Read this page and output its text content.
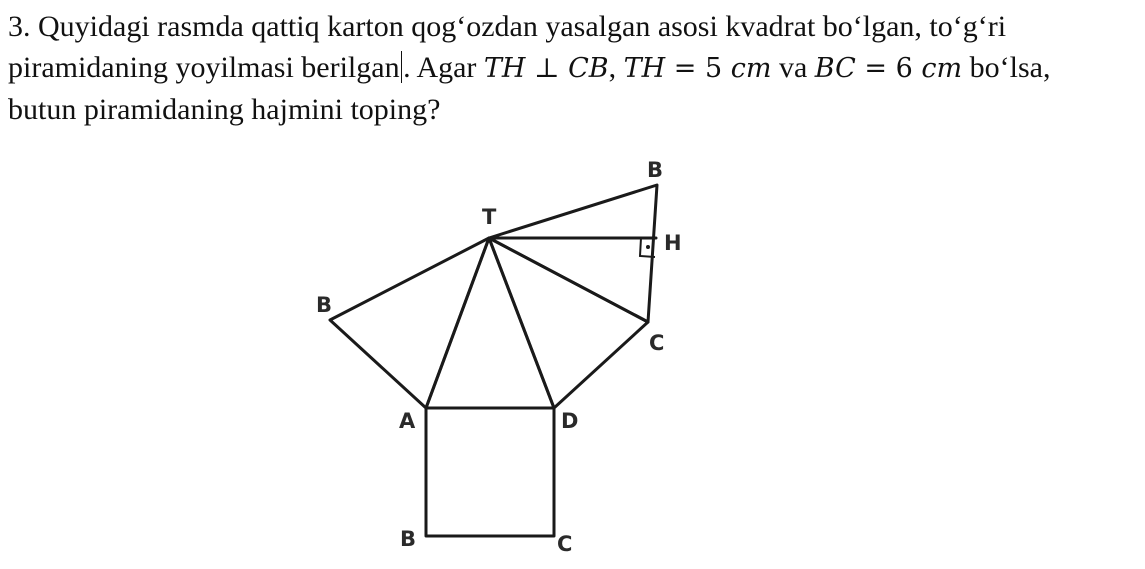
3. Quyidagi rasmda qattiq karton qog‘ozdan yasalgan asosi kvadrat bo‘lgan, to‘g‘ri
piramidaning yoyilmasi berilgan . Agar TH ⊥ CB, TH = 5 cm va BC = 6 cm bo‘lsa,
butun piramidaning hajmini toping?
T
B
H
C
B
A	D
B	C
